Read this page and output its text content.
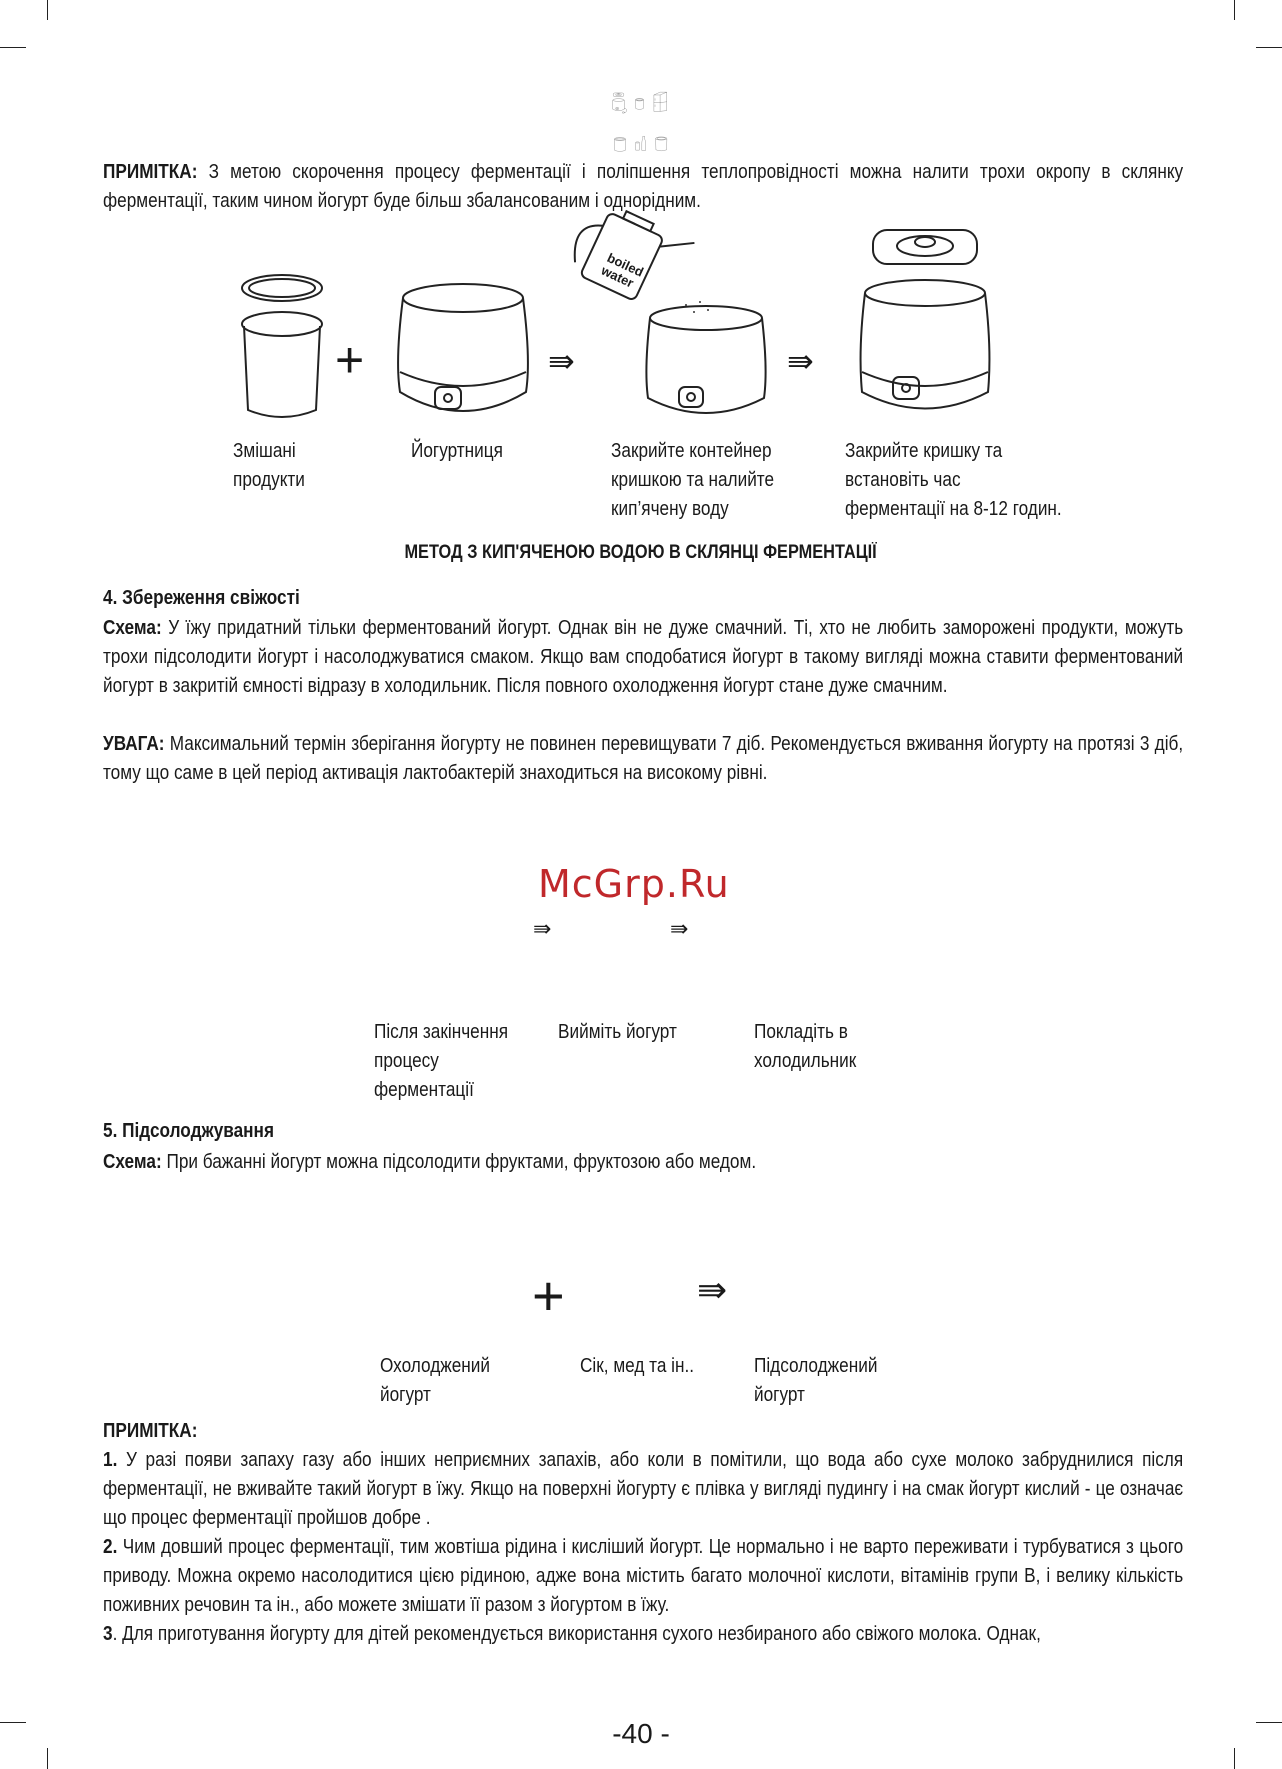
ПРИМІТКА: З метою скорочення процесу ферментації і поліпшення теплопровідності можна налити трохи окропу в склянку ферментації, таким чином йогурт буде більш збалансованим і однорідним.
boiled water
+	⇛	⇛
Змішані
продукти
Йогуртниця	Закрийте контейнер
кришкою та налийте
кип’ячену воду
Закрийте кришку та
встановіть час
ферментації на 8-12 годин.
МЕТОД З КИП'ЯЧЕНОЮ ВОДОЮ В СКЛЯНЦІ ФЕРМЕНТАЦІЇ
4. Збереження свіжості
Схема: У їжу придатний тільки ферментований йогурт. Однак він не дуже смачний. Ті, хто не любить заморожені продукти, можуть трохи підсолодити йогурт і насолоджуватися смаком. Якщо вам сподобатися йогурт в такому вигляді можна ставити ферментований йогурт в закритій ємності відразу в холодильник. Після повного охолодження йогурт стане дуже смачним.
УВАГА: Максимальний термін зберігання йогурту не повинен перевищувати 7 діб. Рекомендується вживання йогурту на протязі 3 діб, тому що саме в цей період активація лактобактерій знаходиться на високому рівні.
⇛	⇛
McGrp.Ru
Після закінчення
процесу
ферментації
Вийміть йогурт	Покладіть в
холодильник
5. Підсолоджування
Схема: При бажанні йогурт можна підсолодити фруктами, фруктозою або медом.
+	⇛
Охолоджений
йогурт
Сік, мед та ін..	Підсолоджений
йогурт
ПРИМІТКА:
1. У разі появи запаху газу або інших неприємних запахів, або коли в помітили, що вода або сухе молоко забруднилися після ферментації, не вживайте такий йогурт в їжу. Якщо на поверхні йогурту є плівка у вигляді пудингу і на смак йогурт кислий - це означає що процес ферментації пройшов добре .
2. Чим довший процес ферментації, тим жовтіша рідина і кисліший йогурт. Це нормально і не варто переживати і турбуватися з цього приводу. Можна окремо насолодитися цією рідиною, адже вона містить багато молочної кислоти, вітамінів групи В, і велику кількість поживних речовин та ін., або можете змішати її разом з йогуртом в їжу.
3. Для приготування йогурту для дітей рекомендується використання сухого незбираного або свіжого молока. Однак,
-40 -
